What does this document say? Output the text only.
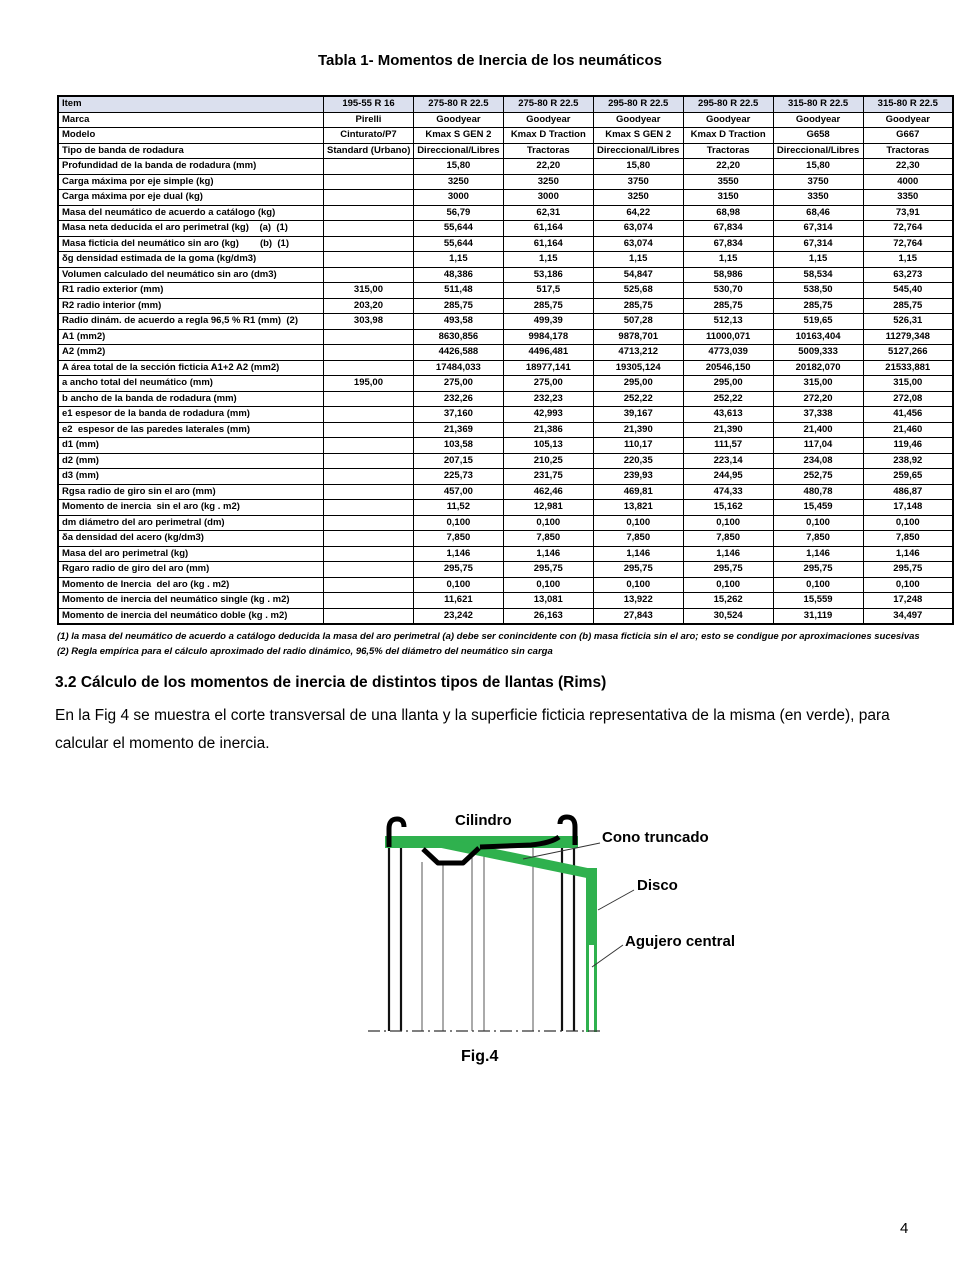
Tabla 1- Momentos de Inercia de los neumáticos
Item	195-55 R 16	275-80 R 22.5	275-80 R 22.5	295-80 R 22.5	295-80 R 22.5	315-80 R 22.5	315-80 R 22.5
Marca	Pirelli	Goodyear	Goodyear	Goodyear	Goodyear	Goodyear	Goodyear
Modelo	Cinturato/P7	Kmax S GEN 2	Kmax D Traction	Kmax S GEN 2	Kmax D Traction	G658	G667
Tipo de banda de rodadura	Standard (Urbano)	Direccional/Libres	Tractoras	Direccional/Libres	Tractoras	Direccional/Libres	Tractoras
Profundidad de la banda de rodadura (mm)		15,80	22,20	15,80	22,20	15,80	22,30
Carga máxima por eje simple (kg)		3250	3250	3750	3550	3750	4000
Carga máxima por eje dual (kg)		3000	3000	3250	3150	3350	3350
Masa del neumático de acuerdo a catálogo (kg)		56,79	62,31	64,22	68,98	68,46	73,91
Masa neta deducida el aro perimetral (kg)    (a)  (1)		55,644	61,164	63,074	67,834	67,314	72,764
Masa ficticia del neumático sin aro (kg)        (b)  (1)		55,644	61,164	63,074	67,834	67,314	72,764
δg densidad estimada de la goma (kg/dm3)		1,15	1,15	1,15	1,15	1,15	1,15
Volumen calculado del neumático sin aro (dm3)		48,386	53,186	54,847	58,986	58,534	63,273
R1 radio exterior (mm)	315,00	511,48	517,5	525,68	530,70	538,50	545,40
R2 radio interior (mm)	203,20	285,75	285,75	285,75	285,75	285,75	285,75
Radio dinám. de acuerdo a regla 96,5 % R1 (mm)  (2)	303,98	493,58	499,39	507,28	512,13	519,65	526,31
A1 (mm2)		8630,856	9984,178	9878,701	11000,071	10163,404	11279,348
A2 (mm2)		4426,588	4496,481	4713,212	4773,039	5009,333	5127,266
A área total de la sección ficticia A1+2 A2 (mm2)		17484,033	18977,141	19305,124	20546,150	20182,070	21533,881
a ancho total del neumático (mm)	195,00	275,00	275,00	295,00	295,00	315,00	315,00
b ancho de la banda de rodadura (mm)		232,26	232,23	252,22	252,22	272,20	272,08
e1 espesor de la banda de rodadura (mm)		37,160	42,993	39,167	43,613	37,338	41,456
e2  espesor de las paredes laterales (mm)		21,369	21,386	21,390	21,390	21,400	21,460
d1 (mm)		103,58	105,13	110,17	111,57	117,04	119,46
d2 (mm)		207,15	210,25	220,35	223,14	234,08	238,92
d3 (mm)		225,73	231,75	239,93	244,95	252,75	259,65
Rgsa radio de giro sin el aro (mm)		457,00	462,46	469,81	474,33	480,78	486,87
Momento de inercia  sin el aro (kg . m2)		11,52	12,981	13,821	15,162	15,459	17,148
dm diámetro del aro perimetral (dm)		0,100	0,100	0,100	0,100	0,100	0,100
δa densidad del acero (kg/dm3)		7,850	7,850	7,850	7,850	7,850	7,850
Masa del aro perimetral (kg)		1,146	1,146	1,146	1,146	1,146	1,146
Rgaro radio de giro del aro (mm)		295,75	295,75	295,75	295,75	295,75	295,75
Momento de Inercia  del aro (kg . m2)		0,100	0,100	0,100	0,100	0,100	0,100
Momento de inercia del neumático single (kg . m2)		11,621	13,081	13,922	15,262	15,559	17,248
Momento de inercia del neumático doble (kg . m2)		23,242	26,163	27,843	30,524	31,119	34,497
(1) la masa del neumático de acuerdo a catálogo deducida la masa del aro perimetral (a) debe ser conincidente con (b) masa ficticia sin el aro; esto se condigue por aproximaciones sucesivas
(2) Regla empírica para el cálculo aproximado del radio dinámico, 96,5% del diámetro del neumático sin carga
3.2 Cálculo de los momentos de inercia de distintos tipos de llantas (Rims)
En la Fig 4 se muestra el corte transversal de una llanta y la superficie ficticia representativa de la misma (en verde), para calcular el momento de inercia.
Cilindro
Cono truncado
Disco
Agujero central
Fig.4
4
